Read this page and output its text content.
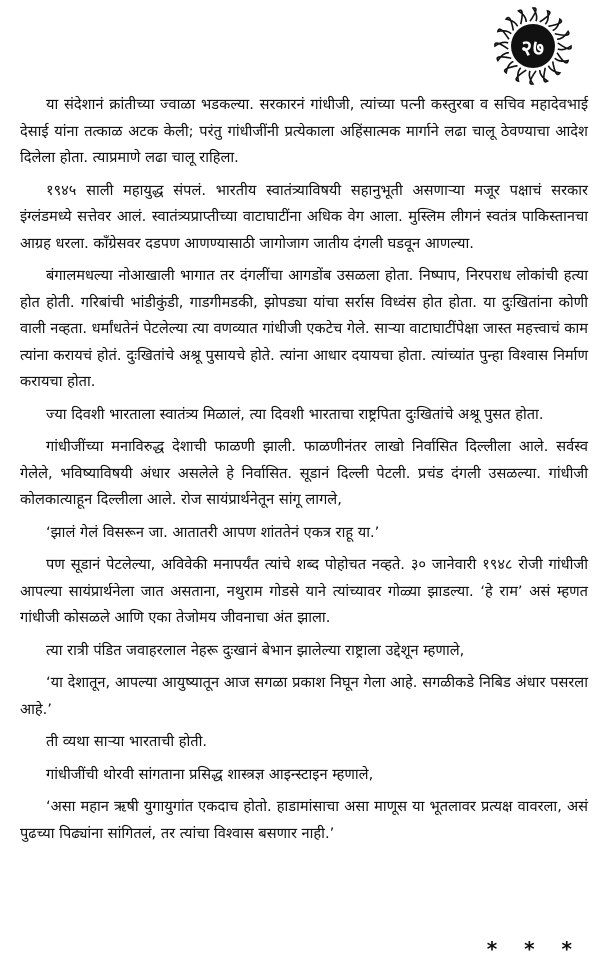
२७

या संदेशानं क्रांतीच्या ज्वाळा भडकल्या. सरकारनं गांधीजी, त्यांच्या पत्नी कस्तुरबा व सचिव महादेवभाई देसाई यांना तत्काळ अटक केली; परंतु गांधीजींनी प्रत्येकाला अहिंसात्मक मार्गाने लढा चालू ठेवण्याचा आदेश दिलेला होता. त्याप्रमाणे लढा चालू राहिला.

१९४५ साली महायुद्ध संपलं. भारतीय स्वातंत्र्याविषयी सहानुभूती असणाऱ्या मजूर पक्षाचं सरकार इंग्लंडमध्ये सत्तेवर आलं. स्वातंत्र्यप्राप्तीच्या वाटाघाटींना अधिक वेग आला. मुस्लिम लीगनं स्वतंत्र पाकिस्तानचा आग्रह धरला. काँग्रेसवर दडपण आणण्यासाठी जागोजाग जातीय दंगली घडवून आणल्या.

बंगालमधल्या नोआखाली भागात तर दंगलींचा आगडोंब उसळला होता. निष्पाप, निरपराध लोकांची हत्या होत होती. गरिबांची भांडीकुंडी, गाडगीमडकी, झोपड्या यांचा सर्रास विध्वंस होत होता. या दुःखितांना कोणी वाली नव्हता. धर्मांधतेनं पेटलेल्या त्या वणव्यात गांधीजी एकटेच गेले. साऱ्या वाटाघाटींपेक्षा जास्त महत्त्वाचं काम त्यांना करायचं होतं. दुःखितांचे अश्रू पुसायचे होते. त्यांना आधार दयायचा होता. त्यांच्यांत पुन्हा विश्वास निर्माण करायचा होता.

ज्या दिवशी भारताला स्वातंत्र्य मिळालं, त्या दिवशी भारताचा राष्ट्रपिता दुःखितांचे अश्रू पुसत होता.

गांधीजींच्या मनाविरुद्ध देशाची फाळणी झाली. फाळणीनंतर लाखो निर्वासित दिल्लीला आले. सर्वस्व गेलेले, भविष्याविषयी अंधार असलेले हे निर्वासित. सूडानं दिल्ली पेटली. प्रचंड दंगली उसळल्या. गांधीजी कोलकात्याहून दिल्लीला आले. रोज सायंप्रार्थनेतून सांगू लागले,

‘झालं गेलं विसरून जा. आतातरी आपण शांततेनं एकत्र राहू या.’

पण सूडानं पेटलेल्या, अविवेकी मनापर्यंत त्यांचे शब्द पोहोचत नव्हते. ३० जानेवारी १९४८ रोजी गांधीजी आपल्या सायंप्रार्थनेला जात असताना, नथुराम गोडसे याने त्यांच्यावर गोळ्या झाडल्या. ‘हे राम’ असं म्हणत गांधीजी कोसळले आणि एका तेजोमय जीवनाचा अंत झाला.

त्या रात्री पंडित जवाहरलाल नेहरू दुःखानं बेभान झालेल्या राष्ट्राला उद्देशून म्हणाले,

‘या देशातून, आपल्या आयुष्यातून आज सगळा प्रकाश निघून गेला आहे. सगळीकडे निबिड अंधार पसरला आहे.’

ती व्यथा साऱ्या भारताची होती.

गांधीजींची थोरवी सांगताना प्रसिद्ध शास्त्रज्ञ आइन्स्टाइन म्हणाले,

‘असा महान ऋषी युगायुगांत एकदाच होतो. हाडामांसाचा असा माणूस या भूतलावर प्रत्यक्ष वावरला, असं पुढच्या पिढ्यांना सांगितलं, तर त्यांचा विश्वास बसणार नाही.’

* * *
